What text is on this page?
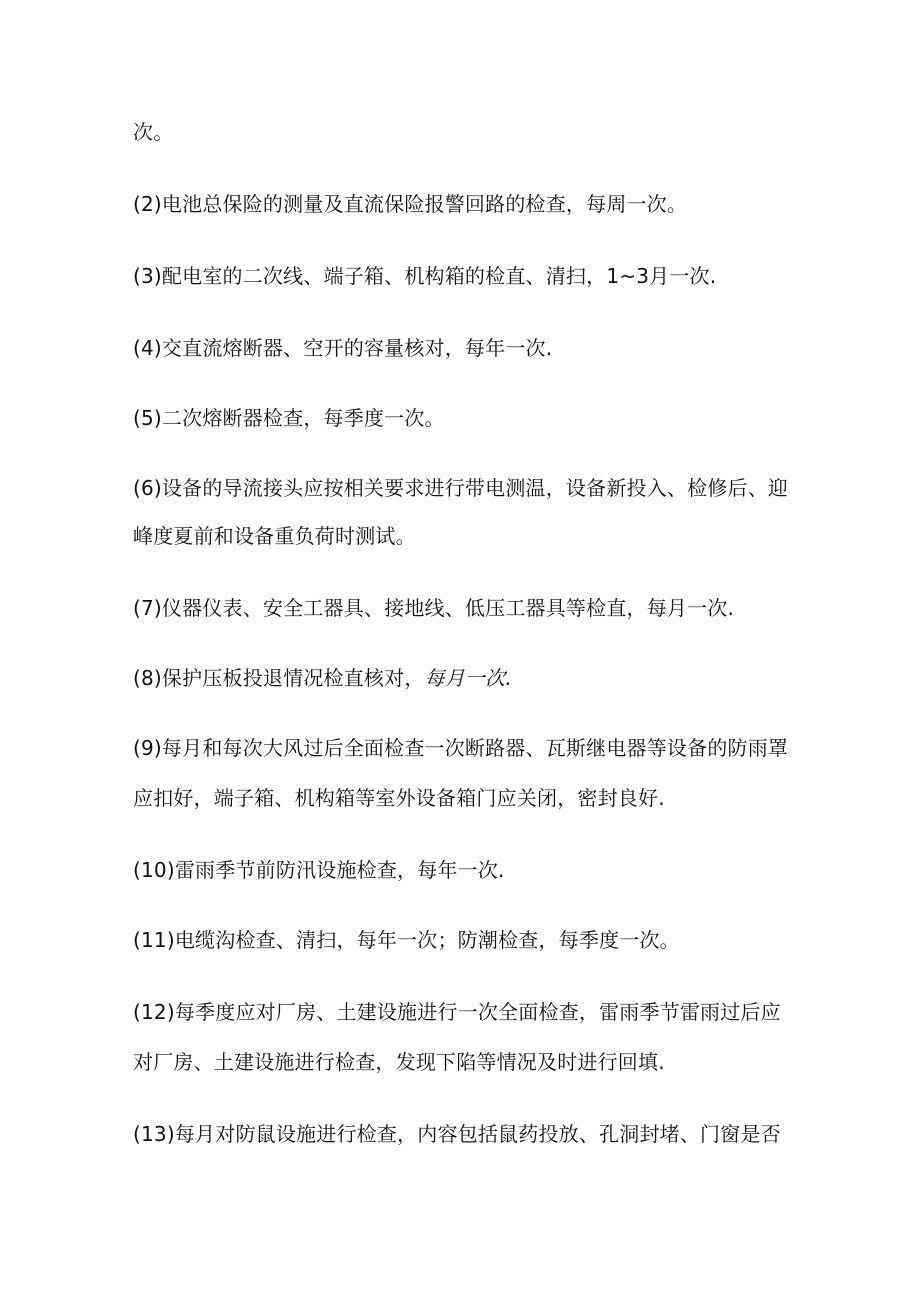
次。
(2)电池总保险的测量及直流保险报警回路的检查，每周一次。
(3)配电室的二次线、端子箱、机构箱的检直、清扫，1~3月一次.
(4)交直流熔断器、空开的容量核对，每年一次.
(5)二次熔断器检查，每季度一次。
(6)设备的导流接头应按相关要求进行带电测温，设备新投入、检修后、迎
峰度夏前和设备重负荷时测试。
(7)仪器仪表、安全工器具、接地线、低压工器具等检直，每月一次.
(8)保护压板投退情况检直核对，每月一次.
(9)每月和每次大风过后全面检查一次断路器、瓦斯继电器等设备的防雨罩
应扣好，端子箱、机构箱等室外设备箱门应关闭，密封良好.
(10)雷雨季节前防汛设施检查，每年一次.
(11)电缆沟检查、清扫，每年一次；防潮检查，每季度一次。
(12)每季度应对厂房、土建设施进行一次全面检查，雷雨季节雷雨过后应
对厂房、土建设施进行检查，发现下陷等情况及时进行回填.
(13)每月对防鼠设施进行检查，内容包括鼠药投放、孔洞封堵、门窗是否
